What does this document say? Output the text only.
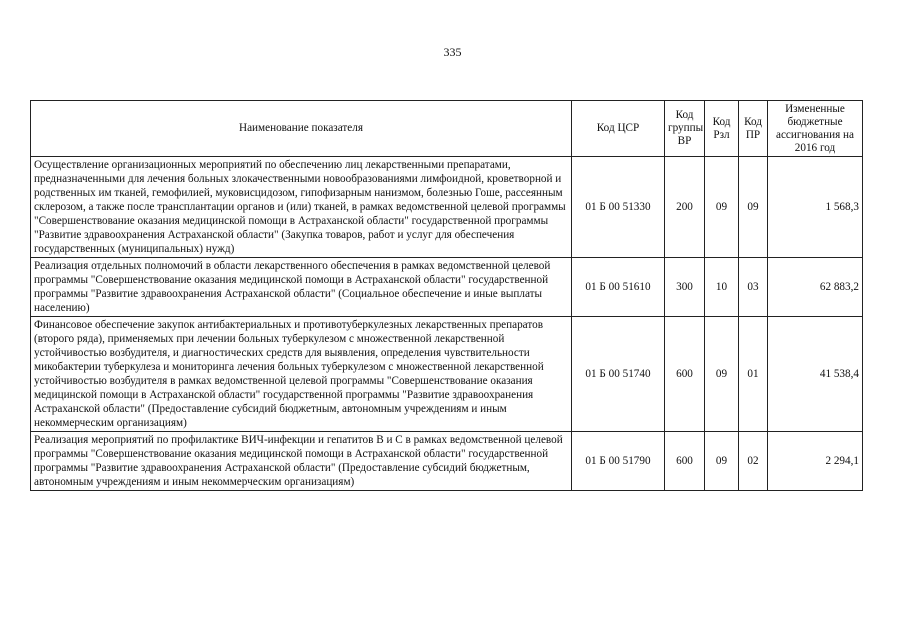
335
Наименование показателя	Код ЦСР	Код группы ВР	Код Рзл	Код ПР	Измененные бюджетные ассигнования на 2016 год
Осуществление организационных мероприятий по обеспечению лиц лекарственными препаратами, предназначенными для лечения больных злокачественными новообразованиями лимфоидной, кроветворной и родственных им тканей, гемофилией, муковисцидозом, гипофизарным нанизмом, болезнью Гоше, рассеянным склерозом, а также после трансплантации органов и (или) тканей, в рамках ведомственной целевой программы "Совершенствование оказания медицинской помощи в Астраханской области" государственной программы "Развитие здравоохранения Астраханской области" (Закупка товаров, работ и услуг для обеспечения государственных (муниципальных) нужд)	01 Б 00 51330	200	09	09	1 568,3
Реализация отдельных полномочий в области лекарственного обеспечения в рамках ведомственной целевой программы "Совершенствование оказания медицинской помощи в Астраханской области" государственной программы "Развитие здравоохранения Астраханской области" (Социальное обеспечение и иные выплаты населению)	01 Б 00 51610	300	10	03	62 883,2
Финансовое обеспечение закупок антибактериальных и противотуберкулезных лекарственных препаратов (второго ряда), применяемых при лечении больных туберкулезом с множественной лекарственной устойчивостью возбудителя, и диагностических средств для выявления, определения чувствительности микобактерии туберкулеза и мониторинга лечения больных туберкулезом с множественной лекарственной устойчивостью возбудителя в рамках ведомственной целевой программы "Совершенствование оказания медицинской помощи в Астраханской области" государственной программы "Развитие здравоохранения Астраханской области" (Предоставление субсидий бюджетным, автономным учреждениям и иным некоммерческим организациям)	01 Б 00 51740	600	09	01	41 538,4
Реализация мероприятий по профилактике ВИЧ-инфекции и гепатитов В и С в рамках ведомственной целевой программы "Совершенствование оказания медицинской помощи в Астраханской области" государственной программы "Развитие здравоохранения Астраханской области" (Предоставление субсидий бюджетным, автономным учреждениям и иным некоммерческим организациям)	01 Б 00 51790	600	09	02	2 294,1
